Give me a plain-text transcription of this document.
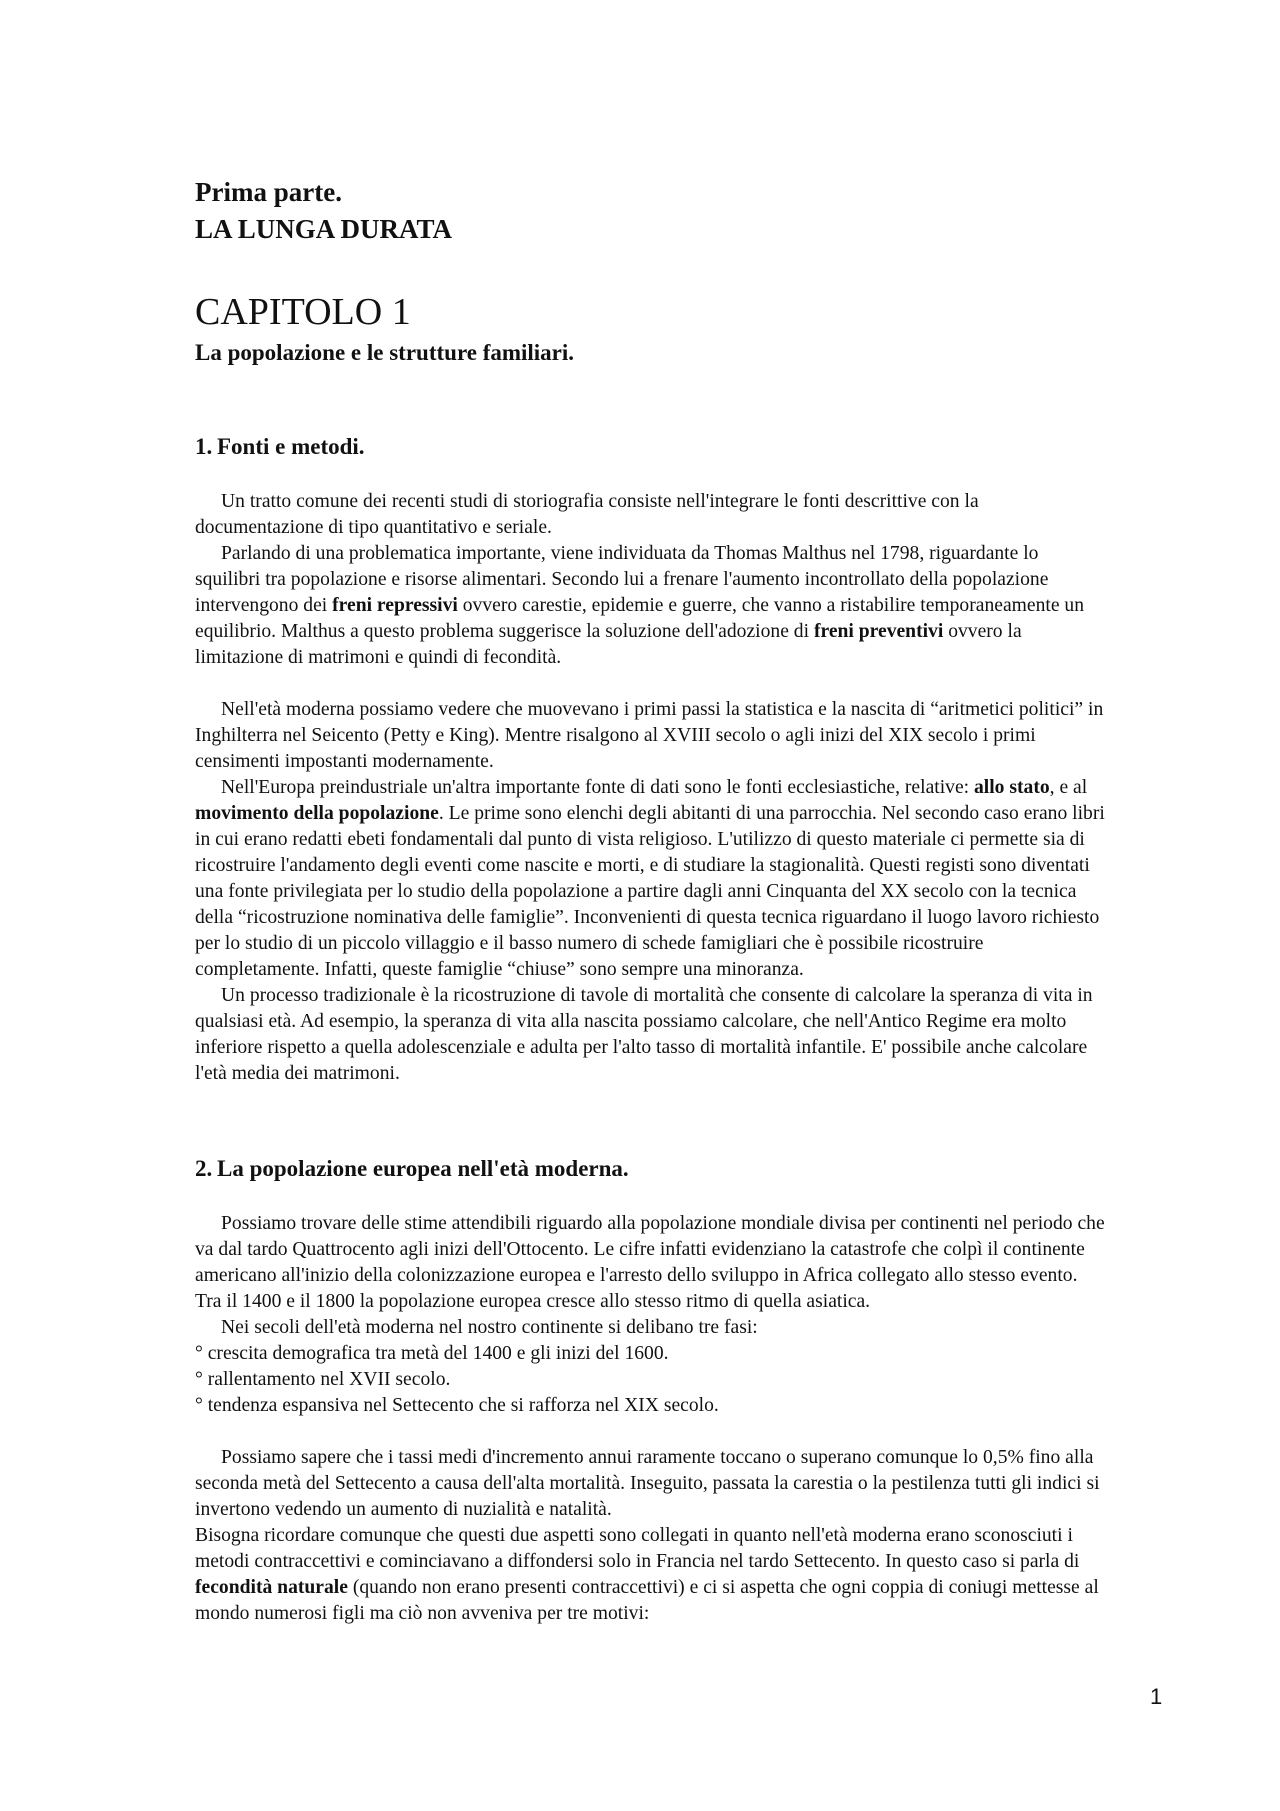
Prima parte.
LA LUNGA DURATA
CAPITOLO 1
La popolazione e le strutture familiari.
1. Fonti e metodi.

Un tratto comune dei recenti studi di storiografia consiste nell'integrare le fonti descrittive con la documentazione di tipo quantitativo e seriale.

Parlando di una problematica importante, viene individuata da Thomas Malthus nel 1798, riguardante lo squilibri tra popolazione e risorse alimentari. Secondo lui a frenare l'aumento incontrollato della popolazione intervengono dei freni repressivi ovvero carestie, epidemie e guerre, che vanno a ristabilire temporaneamente un equilibrio. Malthus a questo problema suggerisce la soluzione dell'adozione di freni preventivi ovvero la limitazione di matrimoni e quindi di fecondità.

Nell'età moderna possiamo vedere che muovevano i primi passi la statistica e la nascita di “aritmetici politici” in Inghilterra nel Seicento (Petty e King). Mentre risalgono al XVIII secolo o agli inizi del XIX secolo i primi censimenti impostanti modernamente.

Nell'Europa preindustriale un'altra importante fonte di dati sono le fonti ecclesiastiche, relative: allo stato, e al movimento della popolazione. Le prime sono elenchi degli abitanti di una parrocchia. Nel secondo caso erano libri in cui erano redatti ebeti fondamentali dal punto di vista religioso. L'utilizzo di questo materiale ci permette sia di ricostruire l'andamento degli eventi come nascite e morti, e di studiare la stagionalità. Questi registi sono diventati una fonte privilegiata per lo studio della popolazione a partire dagli anni Cinquanta del XX secolo con la tecnica della “ricostruzione nominativa delle famiglie”. Inconvenienti di questa tecnica riguardano il luogo lavoro richiesto per lo studio di un piccolo villaggio e il basso numero di schede famigliari che è possibile ricostruire completamente. Infatti, queste famiglie “chiuse” sono sempre una minoranza.

Un processo tradizionale è la ricostruzione di tavole di mortalità che consente di calcolare la speranza di vita in qualsiasi età. Ad esempio, la speranza di vita alla nascita possiamo calcolare, che nell'Antico Regime era molto inferiore rispetto a quella adolescenziale e adulta per l'alto tasso di mortalità infantile. E' possibile anche calcolare l'età media dei matrimoni.

2. La popolazione europea nell'età moderna.

Possiamo trovare delle stime attendibili riguardo alla popolazione mondiale divisa per continenti nel periodo che va dal tardo Quattrocento agli inizi dell'Ottocento. Le cifre infatti evidenziano la catastrofe che colpì il continente americano all'inizio della colonizzazione europea e l'arresto dello sviluppo in Africa collegato allo stesso evento. Tra il 1400 e il 1800 la popolazione europea cresce allo stesso ritmo di quella asiatica.

Nei secoli dell'età moderna nel nostro continente si delibano tre fasi:

° crescita demografica tra metà del 1400 e gli inizi del 1600.
° rallentamento nel XVII secolo.
° tendenza espansiva nel Settecento che si rafforza nel XIX secolo.

Possiamo sapere che i tassi medi d'incremento annui raramente toccano o superano comunque lo 0,5% fino alla seconda metà del Settecento a causa dell'alta mortalità. Inseguito, passata la carestia o la pestilenza tutti gli indici si invertono vedendo un aumento di nuzialità e natalità.

Bisogna ricordare comunque che questi due aspetti sono collegati in quanto nell'età moderna erano sconosciuti i metodi contraccettivi e cominciavano a diffondersi solo in Francia nel tardo Settecento. In questo caso si parla di fecondità naturale (quando non erano presenti contraccettivi) e ci si aspetta che ogni coppia di coniugi mettesse al mondo numerosi figli ma ciò non avveniva per tre motivi:

1
